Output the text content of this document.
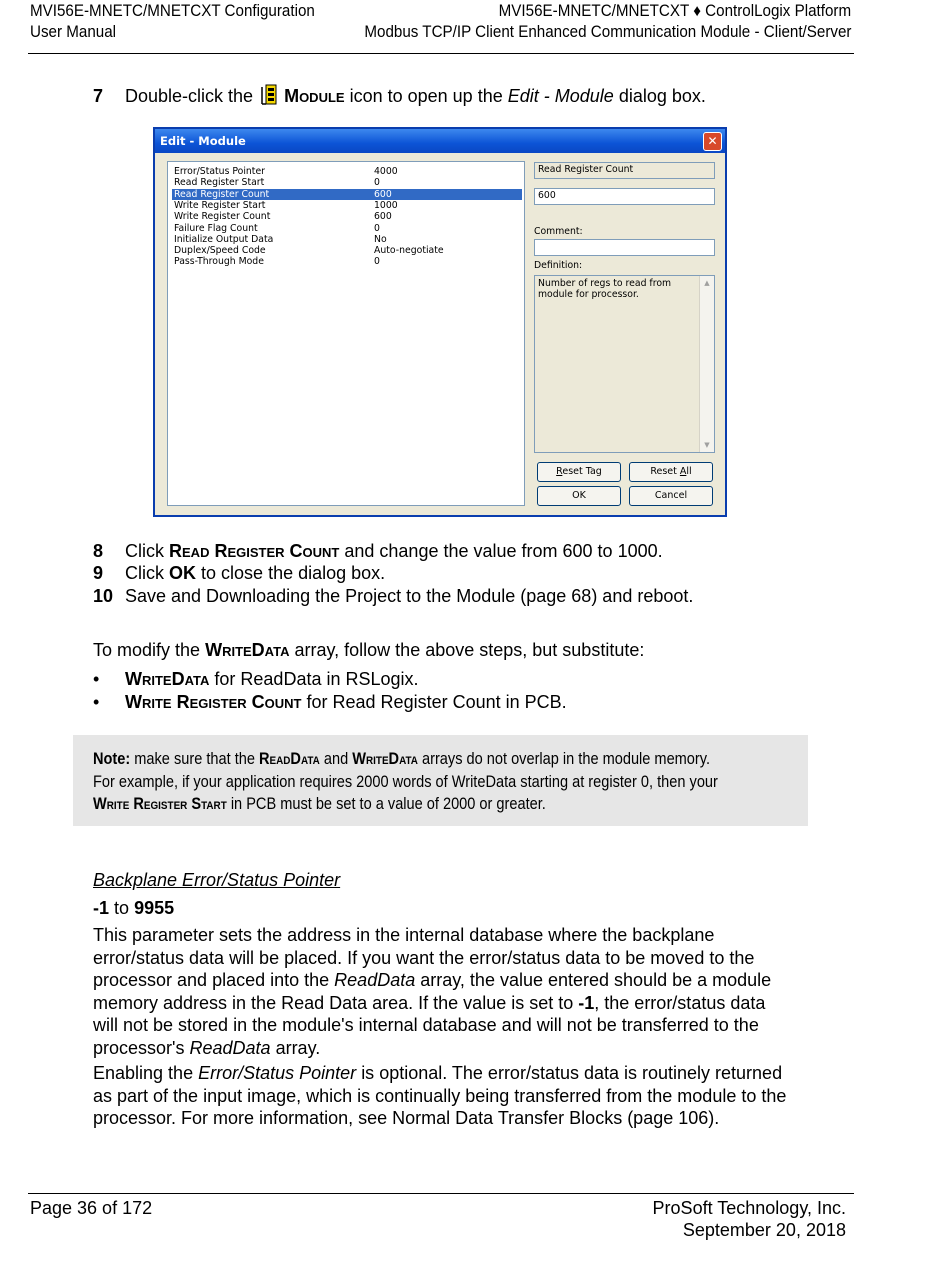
MVI56E-MNETC/MNETCXT Configuration
User Manual
MVI56E-MNETC/MNETCXT ♦ ControlLogix Platform
Modbus TCP/IP Client Enhanced Communication Module - Client/Server
7 Double-click the Module icon to open up the Edit - Module dialog box.
Edit - Module	✕
Error/Status Pointer	4000
Read Register Start	0
Read Register Count	600
Write Register Start	1000
Write Register Count	600
Failure Flag Count	0
Initialize Output Data	No
Duplex/Speed Code	Auto-negotiate
Pass-Through Mode	0
Read Register Count
600
Comment:
Definition:
Number of regs to read from module for processor.
▲
▼
Reset Tag	Reset All
OK	Cancel
8 Click Read Register Count and change the value from 600 to 1000.
9 Click OK to close the dialog box.
10 Save and Downloading the Project to the Module (page 68) and reboot.
To modify the WriteData array, follow the above steps, but substitute:
• WriteData for ReadData in RSLogix.
• Write Register Count for Read Register Count in PCB.
Note: make sure that the ReadData and WriteData arrays do not overlap in the module memory.
For example, if your application requires 2000 words of WriteData starting at register 0, then your
Write Register Start in PCB must be set to a value of 2000 or greater.
Backplane Error/Status Pointer
-1 to 9955
This parameter sets the address in the internal database where the backplane error/status data will be placed. If you want the error/status data to be moved to the processor and placed into the ReadData array, the value entered should be a module memory address in the Read Data area. If the value is set to -1, the error/status data will not be stored in the module's internal database and will not be transferred to the processor's ReadData array.
Enabling the Error/Status Pointer is optional. The error/status data is routinely returned as part of the input image, which is continually being transferred from the module to the processor. For more information, see Normal Data Transfer Blocks (page 106).
Page 36 of 172	ProSoft Technology, Inc.
September 20, 2018
